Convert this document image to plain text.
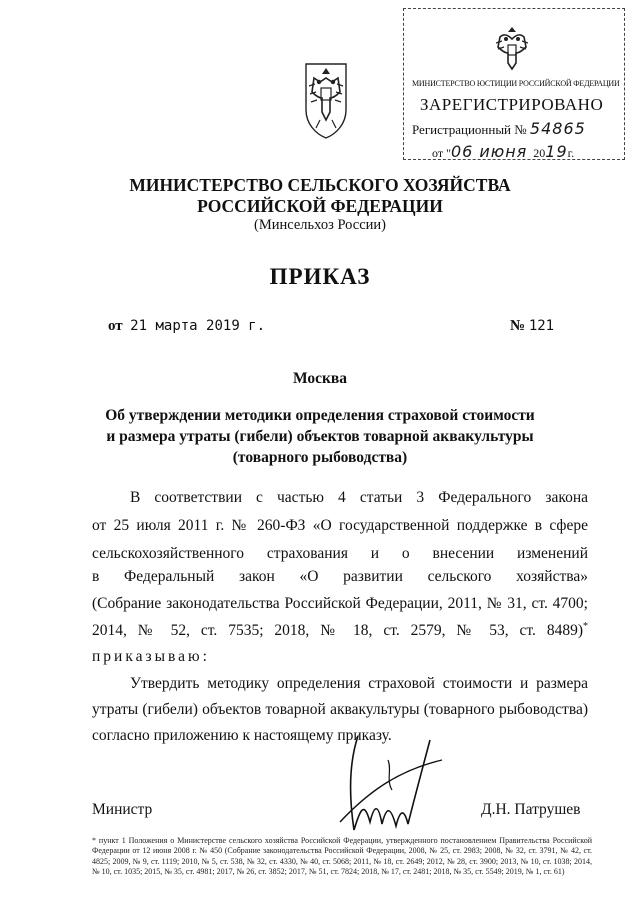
МИНИСТЕРСТВО ЮСТИЦИИ РОССИЙСКОЙ ФЕДЕРАЦИИ
ЗАРЕГИСТРИРОВАНО
Регистрационный № 54865
от "06 июня 2019г.
МИНИСТЕРСТВО СЕЛЬСКОГО ХОЗЯЙСТВА
РОССИЙСКОЙ ФЕДЕРАЦИИ
(Минсельхоз России)
ПРИКАЗ
от 21 марта 2019 г.	№ 121
Москва
Об утверждении методики определения страховой стоимости
и размера утраты (гибели) объектов товарной аквакультуры
(товарного рыбоводства)
В соответствии с частью 4 статьи 3 Федерального закона
от 25 июля 2011 г. № 260-ФЗ «О государственной поддержке в сфере
сельскохозяйственного страхования и о внесении изменений
в Федеральный закон «О развитии сельского хозяйства»
(Собрание законодательства Российской Федерации, 2011, № 31, ст. 4700;
2014, № 52, ст. 7535; 2018, № 18, ст. 2579, № 53, ст. 8489)*
приказываю:
Утвердить методику определения страховой стоимости и размера
утраты (гибели) объектов товарной аквакультуры (товарного рыбоводства)
согласно приложению к настоящему приказу.
Министр	Д.Н. Патрушев
* пункт 1 Положения о Министерстве сельского хозяйства Российской Федерации, утвержденного постановлением Правительства Российской Федерации от 12 июня 2008 г. № 450 (Собрание законодательства Российской Федерации, 2008, № 25, ст. 2983; 2008, № 32, ст. 3791, № 42, ст. 4825; 2009, № 9, ст. 1119; 2010, № 5, ст. 538, № 32, ст. 4330, № 40, ст. 5068; 2011, № 18, ст. 2649; 2012, № 28, ст. 3900; 2013, № 10, ст. 1038; 2014, № 10, ст. 1035; 2015, № 35, ст. 4981; 2017, № 26, ст. 3852; 2017, № 51, ст. 7824; 2018, № 17, ст. 2481; 2018, № 35, ст. 5549; 2019, № 1, ст. 61)
